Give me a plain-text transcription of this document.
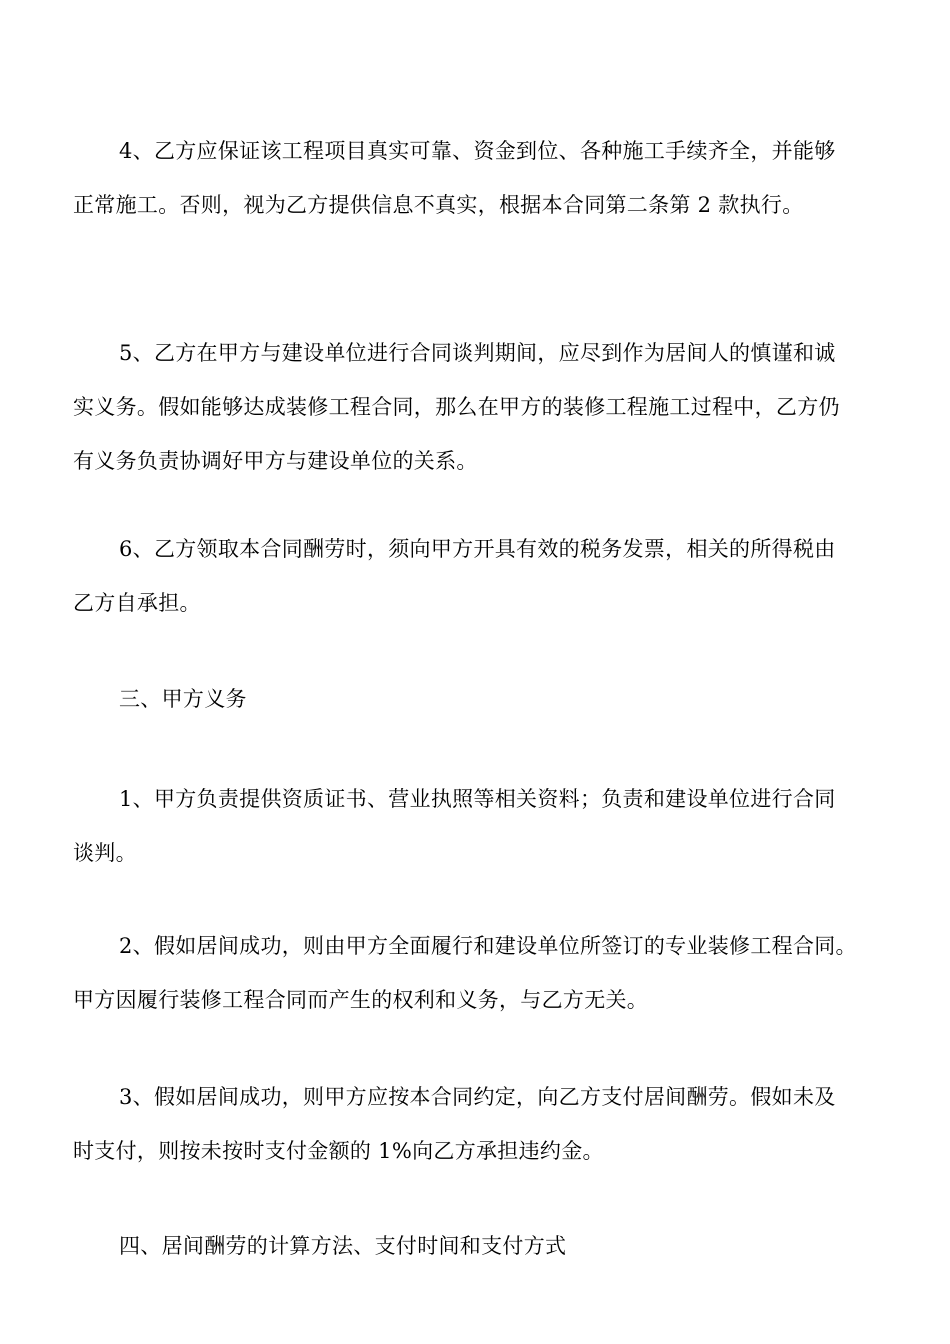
4、乙方应保证该工程项目真实可靠、资金到位、各种施工手续齐全，并能够
正常施工。否则，视为乙方提供信息不真实，根据本合同第二条第 2 款执行。
5、乙方在甲方与建设单位进行合同谈判期间，应尽到作为居间人的慎谨和诚
实义务。假如能够达成装修工程合同，那么在甲方的装修工程施工过程中，乙方仍
有义务负责协调好甲方与建设单位的关系。
6、乙方领取本合同酬劳时，须向甲方开具有效的税务发票，相关的所得税由
乙方自承担。
三、甲方义务
1、甲方负责提供资质证书、营业执照等相关资料；负责和建设单位进行合同
谈判。
2、假如居间成功，则由甲方全面履行和建设单位所签订的专业装修工程合同。
甲方因履行装修工程合同而产生的权利和义务，与乙方无关。
3、假如居间成功，则甲方应按本合同约定，向乙方支付居间酬劳。假如未及
时支付，则按未按时支付金额的 1%向乙方承担违约金。
四、居间酬劳的计算方法、支付时间和支付方式
